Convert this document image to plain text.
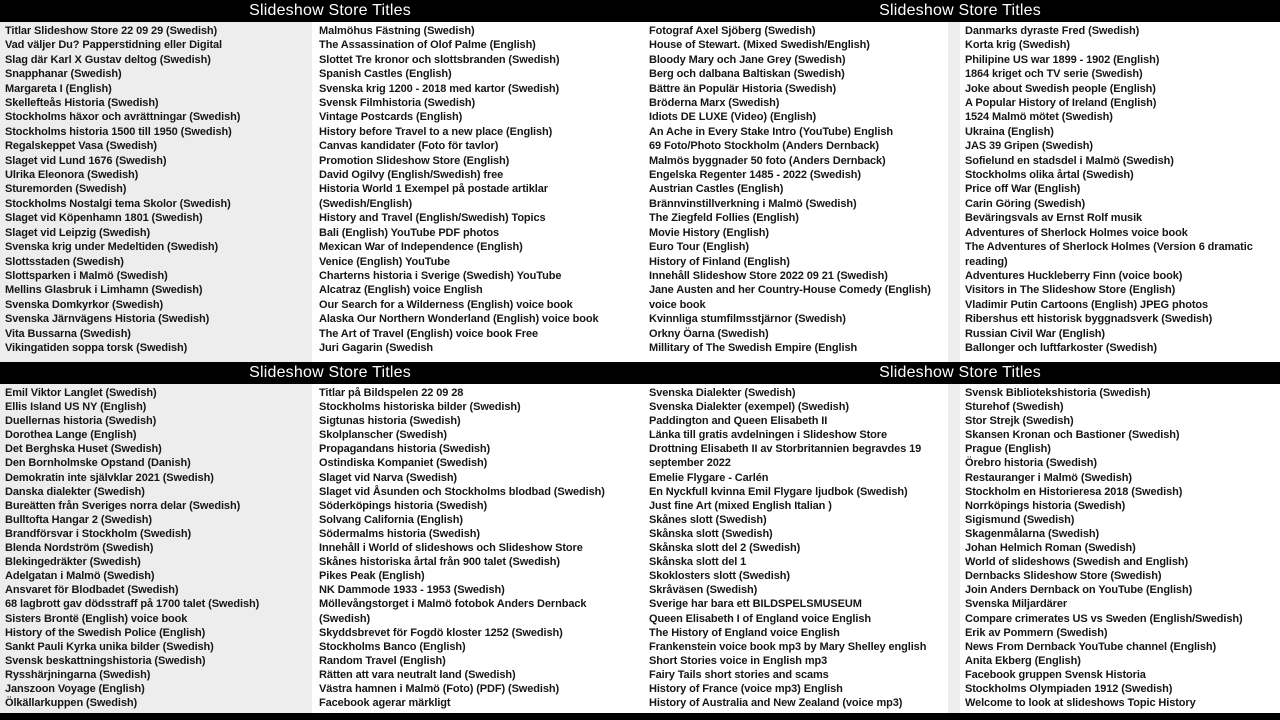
Slideshow Store Titles	Slideshow Store Titles
Titlar Slideshow Store 22 09 29 (Swedish)
Vad väljer Du? Papperstidning eller Digital
Slag där Karl X Gustav deltog (Swedish)
Snapphanar (Swedish)
Margareta I (English)
Skellefteås Historia (Swedish)
Stockholms häxor och avrättningar (Swedish)
Stockholms historia 1500 till 1950 (Swedish)
Regalskeppet Vasa (Swedish)
Slaget vid Lund 1676 (Swedish)
Ulrika Eleonora (Swedish)
Sturemorden (Swedish)
Stockholms Nostalgi tema Skolor (Swedish)
Slaget vid Köpenhamn 1801 (Swedish)
Slaget vid Leipzig (Swedish)
Svenska krig under Medeltiden (Swedish)
Slottsstaden (Swedish)
Slottsparken i Malmö (Swedish)
Mellins Glasbruk i Limhamn (Swedish)
Svenska Domkyrkor (Swedish)
Svenska Järnvägens Historia (Swedish)
Vita Bussarna (Swedish)
Vikingatiden soppa torsk (Swedish)
Malmöhus Fästning (Swedish)
The Assassination of Olof Palme (English)
Slottet Tre kronor och slottsbranden (Swedish)
Spanish Castles (English)
Svenska krig 1200 - 2018 med kartor (Swedish)
Svensk Filmhistoria (Swedish)
Vintage Postcards (English)
History before Travel to a new place (English)
Canvas kandidater (Foto för tavlor)
Promotion Slideshow Store (English)
David Ogilvy (English/Swedish) free
Historia World 1 Exempel på postade artiklar (Swedish/English)
History and Travel (English/Swedish) Topics
Bali (English) YouTube PDF photos
Mexican War of Independence (English)
Venice (English) YouTube
Charterns historia i Sverige (Swedish) YouTube
Alcatraz (English) voice English
Our Search for a Wilderness (English) voice book
Alaska Our Northern Wonderland (English) voice book
The Art of Travel (English) voice book Free
Juri Gagarin (Swedish
Fotograf Axel Sjöberg (Swedish)
House of Stewart. (Mixed Swedish/English)
Bloody Mary och Jane Grey (Swedish)
Berg och dalbana Baltiskan (Swedish)
Bättre än Populär Historia (Swedish)
Bröderna Marx (Swedish)
Idiots DE LUXE (Video) (English)
An Ache in Every Stake Intro (YouTube) English
69 Foto/Photo Stockholm (Anders Dernback)
Malmös byggnader 50 foto (Anders Dernback)
Engelska Regenter 1485 - 2022 (Swedish)
Austrian Castles (English)
Brännvinstillverkning i Malmö (Swedish)
The Ziegfeld Follies (English)
Movie History (English)
Euro Tour (English)
History of Finland (English)
Innehåll Slideshow Store 2022 09 21 (Swedish)
Jane Austen and her Country-House Comedy (English) voice book
Kvinnliga stumfilmsstjärnor (Swedish)
Orkny Öarna (Swedish)
Millitary of The Swedish Empire (English
Danmarks dyraste Fred (Swedish)
Korta krig (Swedish)
Philipine US war 1899 - 1902 (English)
1864 kriget och TV serie (Swedish)
Joke about Swedish people (English)
A Popular History of Ireland (English)
1524 Malmö mötet (Swedish)
Ukraina (English)
JAS 39 Gripen (Swedish)
Sofielund en stadsdel i Malmö (Swedish)
Stockholms olika årtal (Swedish)
Price off War (English)
Carin Göring (Swedish)
Beväringsvals av Ernst Rolf musik
Adventures of Sherlock Holmes voice book
The Adventures of Sherlock Holmes (Version 6 dramatic reading)
Adventures Huckleberry Finn (voice book)
Visitors in The Slideshow Store (English)
Vladimir Putin Cartoons (English) JPEG photos
Ribershus ett historisk byggnadsverk (Swedish)
Russian Civil War (English)
Ballonger och luftfarkoster (Swedish)
Slideshow Store Titles	Slideshow Store Titles
Emil Viktor Langlet (Swedish)
Ellis Island US NY (English)
Duellernas historia (Swedish)
Dorothea Lange (English)
Det Berghska Huset (Swedish)
Den Bornholmske Opstand (Danish)
Demokratin inte självklar 2021 (Swedish)
Danska dialekter (Swedish)
Bureätten från Sveriges norra delar (Swedish)
Bulltofta Hangar 2 (Swedish)
Brandförsvar i Stockholm (Swedish)
Blenda Nordström (Swedish)
Blekingedräkter (Swedish)
Adelgatan i Malmö (Swedish)
Ansvaret för Blodbadet (Swedish)
68 lagbrott gav dödsstraff på 1700 talet (Swedish)
Sisters Brontë (English) voice book
History of the Swedish Police (English)
Sankt Pauli Kyrka unika bilder (Swedish)
Svensk beskattningshistoria (Swedish)
Rysshärjningarna (Swedish)
Janszoon Voyage (English)
Ölkällarkuppen (Swedish)
Titlar på Bildspelen 22 09 28
Stockholms historiska bilder (Swedish)
Sigtunas historia (Swedish)
Skolplanscher (Swedish)
Propagandans historia (Swedish)
Ostindiska Kompaniet (Swedish)
Slaget vid Narva (Swedish)
Slaget vid Åsunden och Stockholms blodbad (Swedish)
Söderköpings historia (Swedish)
Solvang California (English)
Södermalms historia (Swedish)
Innehåll i World of slideshows och Slideshow Store
Skånes historiska årtal från 900 talet (Swedish)
Pikes Peak (English)
NK Dammode 1933 - 1953 (Swedish)
Möllevångstorget i Malmö fotobok Anders Dernback (Swedish)
Skyddsbrevet för Fogdö kloster 1252 (Swedish)
Stockholms Banco (English)
Random Travel (English)
Rätten att vara neutralt land (Swedish)
Västra hamnen i Malmö (Foto) (PDF) (Swedish)
Facebook agerar märkligt
Svenska Dialekter (Swedish)
Svenska Dialekter (exempel) (Swedish)
Paddington and Queen Elisabeth II
Länka till gratis avdelningen i Slideshow Store
Drottning Elisabeth II av Storbritannien begravdes 19 september 2022
Emelie Flygare - Carlén
En Nyckfull kvinna Emil Flygare ljudbok (Swedish)
Just fine Art (mixed English Italian )
Skånes slott (Swedish)
Skånska slott (Swedish)
Skånska slott del 2 (Swedish)
Skånska slott del 1
Skoklosters slott (Swedish)
Skråväsen (Swedish)
Sverige har bara ett BILDSPELSMUSEUM
Queen Elisabeth I of England voice English
The History of England voice English
Frankenstein voice book mp3 by Mary Shelley english
Short Stories voice in English mp3
Fairy Tails short stories and scams
History of France (voice mp3) English
History of Australia and New Zealand (voice mp3)
Svensk Bibliotekshistoria (Swedish)
Sturehof (Swedish)
Stor Strejk (Swedish)
Skansen Kronan och Bastioner (Swedish)
Prague (English)
Örebro historia (Swedish)
Restauranger i Malmö (Swedish)
Stockholm en Historieresa 2018 (Swedish)
Norrköpings historia (Swedish)
Sigismund (Swedish)
Skagenmålarna (Swedish)
Johan Helmich Roman (Swedish)
World of slideshows (Swedish and English)
Dernbacks Slideshow Store (Swedish)
Join Anders Dernback on YouTube (English)
Svenska Miljardärer
Compare crimerates US vs Sweden (English/Swedish)
Erik av Pommern (Swedish)
News From Dernback YouTube channel (English)
Anita Ekberg (English)
Facebook gruppen Svensk Historia
Stockholms Olympiaden 1912 (Swedish)
Welcome to look at slideshows Topic History
